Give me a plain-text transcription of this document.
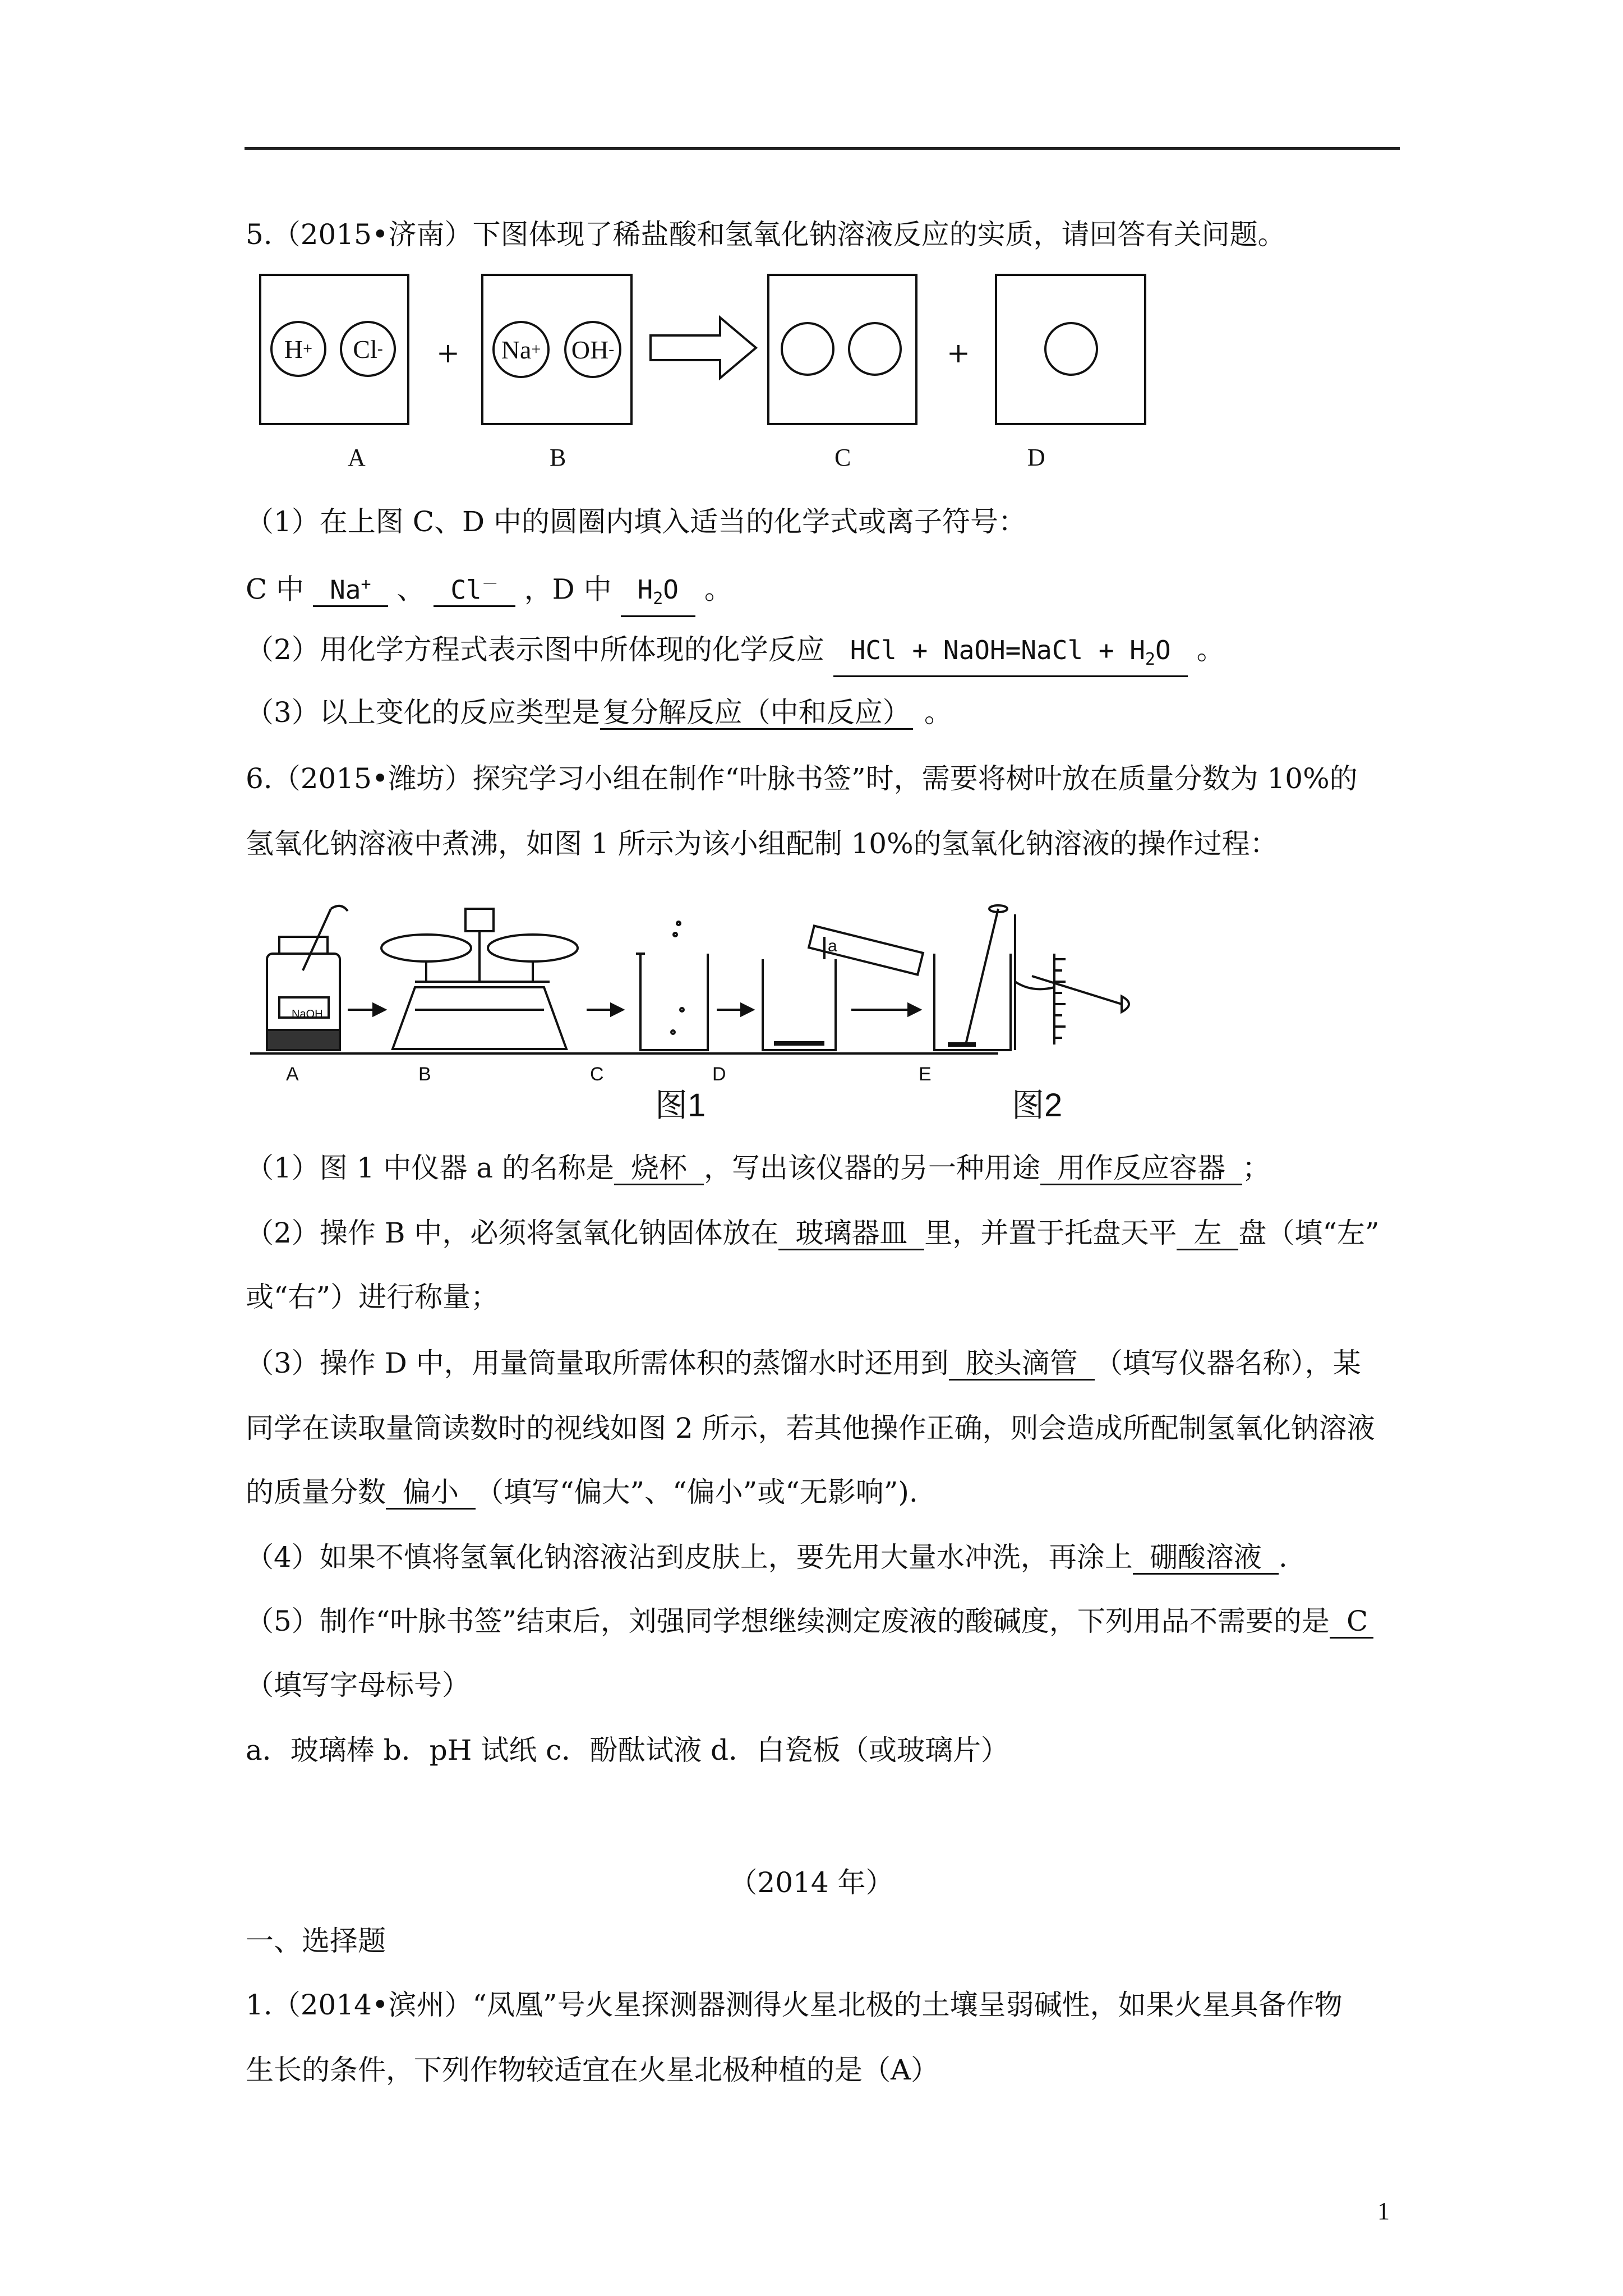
5.（2015•济南）下图体现了稀盐酸和氢氧化钠溶液反应的实质，请回答有关问题。
H + Cl - + Na + OH -	+
A	B	C	D
（1）在上图 C、D 中的圆圈内填入适当的化学式或离子符号：
C 中 Na+ 、 Cl－ ，D 中 $H_2O$ 。
（2）用化学方程式表示图中所体现的化学反应 HCl + NaOH=NaCl + $H_2O$ 。
（3）以上变化的反应类型是复分解反应（中和反应） 。
6.（2015•潍坊）探究学习小组在制作“叶脉书签”时，需要将树叶放在质量分数为 10%的
氢氧化钠溶液中煮沸，如图 1 所示为该小组配制 10%的氢氧化钠溶液的操作过程：
NaOH
a
A	B	C	D	E
图1	图2
（1）图 1 中仪器 a 的名称是 烧杯 ，写出该仪器的另一种用途 用作反应容器 ；
（2）操作 B 中，必须将氢氧化钠固体放在 玻璃器皿 里，并置于托盘天平 左 盘（填“左”
或“右”）进行称量；
（3）操作 D 中，用量筒量取所需体积的蒸馏水时还用到 胶头滴管 （填写仪器名称），某
同学在读取量筒读数时的视线如图 2 所示，若其他操作正确，则会造成所配制氢氧化钠溶液
的质量分数 偏小 （填写“偏大”、“偏小”或“无影响”).
（4）如果不慎将氢氧化钠溶液沾到皮肤上，要先用大量水冲洗，再涂上 硼酸溶液 .
（5）制作“叶脉书签”结束后，刘强同学想继续测定废液的酸碱度，下列用品不需要的是 C
（填写字母标号）
a．玻璃棒 b．pH 试纸 c．酚酞试液 d．白瓷板（或玻璃片）
（2014 年）
一、选择题
1.（2014•滨州）“凤凰”号火星探测器测得火星北极的土壤呈弱碱性，如果火星具备作物
生长的条件，下列作物较适宜在火星北极种植的是（A）
1
